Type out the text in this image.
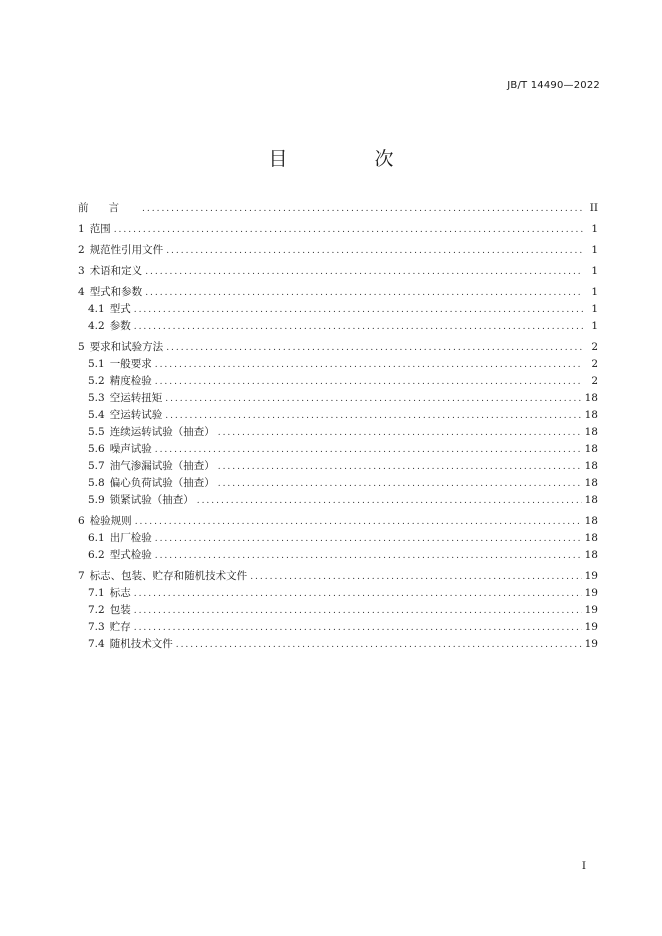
JB/T 14490—2022
目　次
前言 .....	II
1 范围 .....	1
2 规范性引用文件 .....	1
3 术语和定义 .....	1
4 型式和参数 .....	1
4.1 型式 .....	1
4.2 参数 .....	1
5 要求和试验方法 .....	2
5.1 一般要求 .....	2
5.2 精度检验 .....	2
5.3 空运转扭矩 .....	18
5.4 空运转试验 .....	18
5.5 连续运转试验（抽查） .....	18
5.6 噪声试验 .....	18
5.7 油气渗漏试验（抽查） .....	18
5.8 偏心负荷试验（抽查） .....	18
5.9 锁紧试验（抽查） .....	18
6 检验规则 .....	18
6.1 出厂检验 .....	18
6.2 型式检验 .....	18
7 标志、包装、贮存和随机技术文件 .....	19
7.1 标志 .....	19
7.2 包装 .....	19
7.3 贮存 .....	19
7.4 随机技术文件 .....	19
I
